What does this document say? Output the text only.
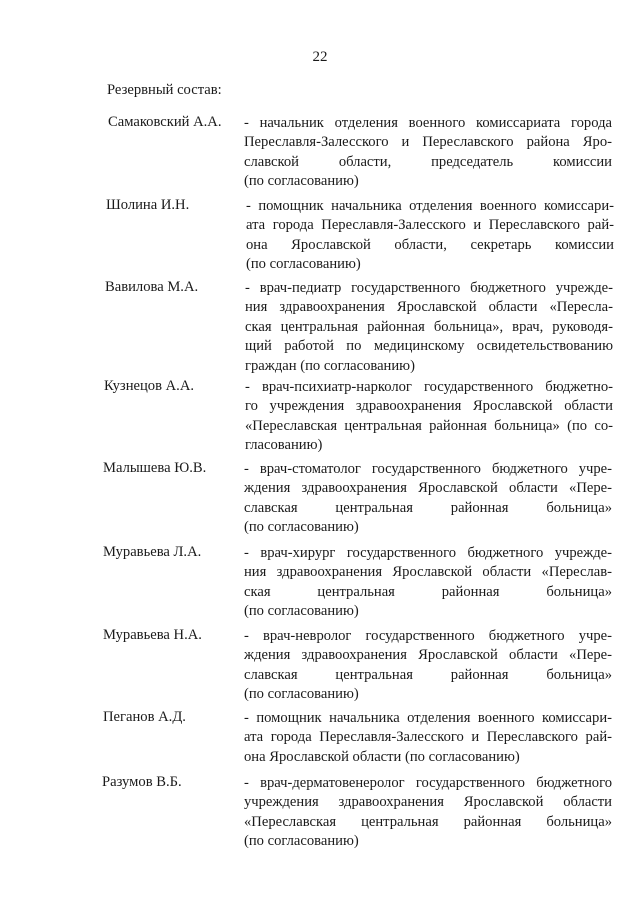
22
Резервный состав:
Самаковский А.А. - начальник отделения военного комиссариата города
Переславля-Залесского и Переславского района Яро-
славской области, председатель комиссии
(по согласованию)
Шолина И.Н.	- помощник начальника отделения военного комиссари-
ата города Переславля-Залесского и Переславского рай-
она Ярославской области, секретарь комиссии
(по согласованию)
Вавилова М.А.	- врач-педиатр государственного бюджетного учрежде-
ния здравоохранения Ярославской области «Пересла-
ская центральная районная больница», врач, руководя-
щий работой по медицинскому освидетельствованию
граждан (по согласованию)
Кузнецов А.А.	- врач-психиатр-нарколог государственного бюджетно-
го учреждения здравоохранения Ярославской области
«Переславская центральная районная больница» (по со-
гласованию)
Малышева Ю.В.	- врач-стоматолог государственного бюджетного учре-
ждения здравоохранения Ярославской области «Пере-
славская центральная районная больница»
(по согласованию)
Муравьева Л.А.	- врач-хирург государственного бюджетного учрежде-
ния здравоохранения Ярославской области «Переслав-
ская центральная районная больница»
(по согласованию)
Муравьева Н.А.	- врач-невролог государственного бюджетного учре-
ждения здравоохранения Ярославской области «Пере-
славская центральная районная больница»
(по согласованию)
Пеганов А.Д.	- помощник начальника отделения военного комиссари-
ата города Переславля-Залесского и Переславского рай-
она Ярославской области (по согласованию)
Разумов В.Б.	- врач-дерматовенеролог государственного бюджетного
учреждения здравоохранения Ярославской области
«Переславская центральная районная больница»
(по согласованию)
